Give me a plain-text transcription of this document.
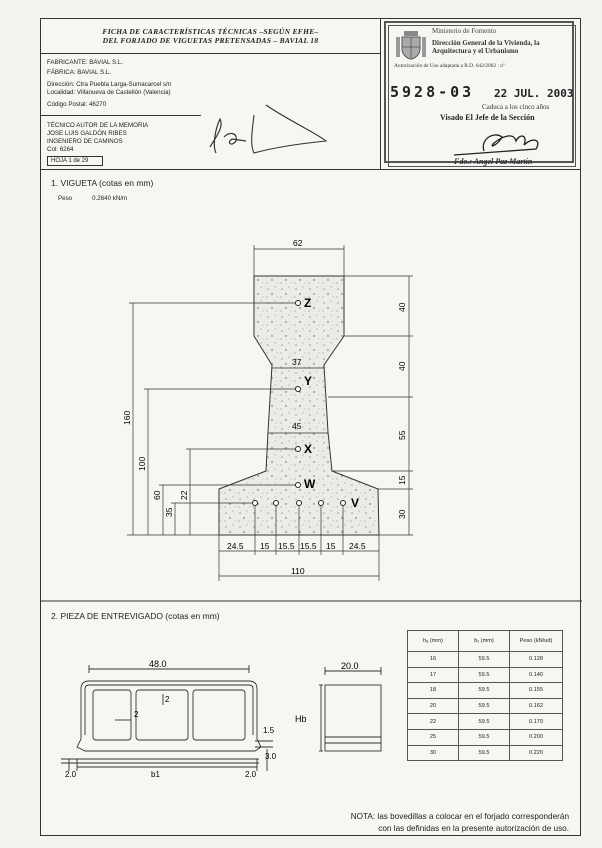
FICHA DE CARACTERÍSTICAS TÉCNICAS –SEGÚN EFHE–
DEL FORJADO DE VIGUETAS PRETENSADAS – BAVIAL 18
FABRICANTE: BAVIAL S.L.
FÁBRICA: BAVIAL S.L.
Dirección: Ctra Puebla Larga-Sumacarcel s/n
Localidad: Villanueva de Castellón (Valencia)
Código Postal: 46270
TÉCNICO AUTOR DE LA MEMORIA
JOSE LUIS GALDÓN RIBES
INGENIERO DE CAMINOS
Col: 6264
HOJA 1 de 29
Ministerio de Fomento
Dirección General de la Vivienda, la
Arquitectura y el Urbanismo
Autorización de Uso adaptada a R.D. 642/2002 : nº
5928-03 22 JUL. 2003
Caduca a los cinco años
Visado El Jefe de la Sección
Fdo.: Angel Paz Martín
1. VIGUETA (cotas en mm)
Peso	0.2640 kN/m
Z
Y
X
W
V
62
37
45
40
40
55
15
30
160
100
60
35
22
24.5 15 15.5 15.5 15 24.5
110
2. PIEZA DE ENTREVIGADO (cotas en mm)
48.0
2
2
1.5
3.0
2.0	b1	2.0
20.0
Hb
hₐ (mm)	b₁ (mm)	Peso (kN/ud)
16	59.5	0.128
17	59.5	0.140
18	59.5	0.155
20	59.5	0.162
22	59.5	0.170
25	59.5	0.200
30	59.5	0.220
NOTA: las bovedillas a colocar en el forjado corresponderán
con las definidas en la presente autorización de uso.
